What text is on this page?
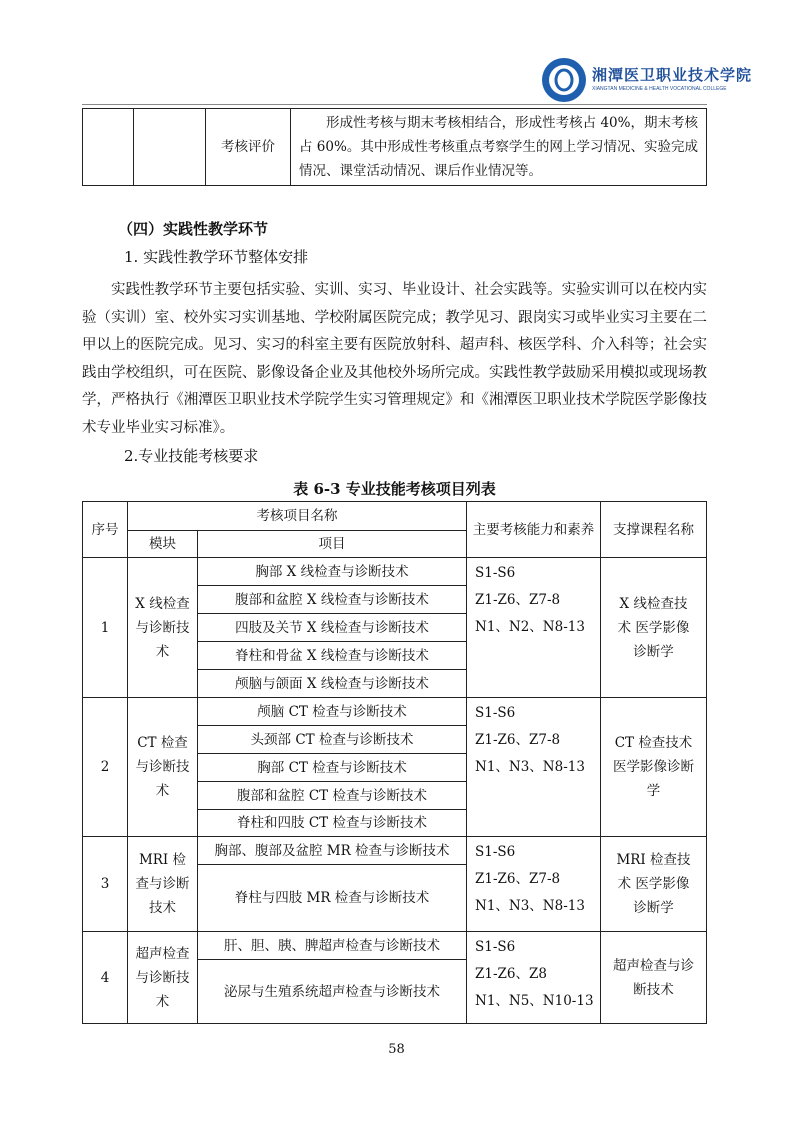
湘潭医卫职业技术学院
XIANGTAN MEDICINE & HEALTH VOCATIONAL COLLEGE
		考核评价	形成性考核与期末考核相结合，形成性考核占 40%，期末考核占 60%。其中形成性考核重点考察学生的网上学习情况、实验完成情况、课堂活动情况、课后作业情况等。
（四）实践性教学环节
1. 实践性教学环节整体安排
实践性教学环节主要包括实验、实训、实习、毕业设计、社会实践等。实验实训可以在校内实验（实训）室、校外实习实训基地、学校附属医院完成；教学见习、跟岗实习或毕业实习主要在二甲以上的医院完成。见习、实习的科室主要有医院放射科、超声科、核医学科、介入科等；社会实践由学校组织，可在医院、影像设备企业及其他校外场所完成。实践性教学鼓励采用模拟或现场教学，严格执行《湘潭医卫职业技术学院学生实习管理规定》和《湘潭医卫职业技术学院医学影像技术专业毕业实习标准》。
2.专业技能考核要求
表 6-3 专业技能考核项目列表
序号	考核项目名称		主要考核能力和素养	支撑课程名称
	模块	项目		
1	X 线检查与诊断技术	胸部 X 线检查与诊断技术	S1-S6
Z1-Z6、Z7-8
N1、N2、N8-13	X 线检查技术 医学影像诊断学
		腹部和盆腔 X 线检查与诊断技术		
		四肢及关节 X 线检查与诊断技术		
		脊柱和骨盆 X 线检查与诊断技术		
		颅脑与颌面 X 线检查与诊断技术		
2	CT 检查与诊断技术	颅脑 CT 检查与诊断技术	S1-S6
Z1-Z6、Z7-8
N1、N3、N8-13	CT 检查技术 医学影像诊断学
		头颈部 CT 检查与诊断技术		
		胸部 CT 检查与诊断技术		
		腹部和盆腔 CT 检查与诊断技术		
		脊柱和四肢 CT 检查与诊断技术		
3	MRI 检查与诊断技术	胸部、腹部及盆腔 MR 检查与诊断技术	S1-S6
Z1-Z6、Z7-8
N1、N3、N8-13	MRI 检查技术 医学影像诊断学
		脊柱与四肢 MR 检查与诊断技术		
4	超声检查与诊断技术	肝、胆、胰、脾超声检查与诊断技术	S1-S6
Z1-Z6、Z8
N1、N5、N10-13	超声检查与诊断技术
		泌尿与生殖系统超声检查与诊断技术		
58
